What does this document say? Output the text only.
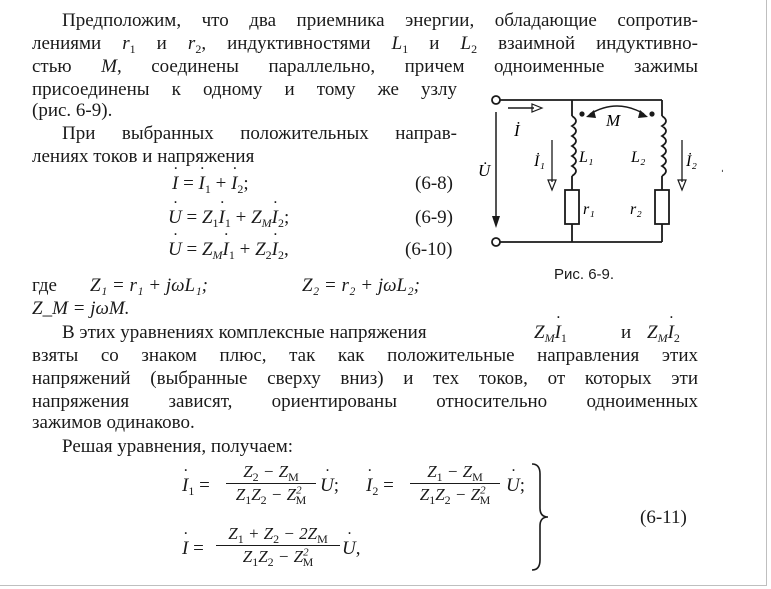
Предположим, что два приемника энергии, обладающие сопротив-
лениями $r_1$ и $r_2$, индуктивностями $L_1$ и $L_2$ взаимной индуктивно-
стью M, соединены параллельно, причем одноименные зажимы
присоединены к одному и тому же узлу
(рис. 6-9).
При выбранных положительных направ-
лениях токов и напряжения
˙ I = ˙ $I_1$ + ˙ $I_2$;	(6-8)
˙ $U = Z_1˙$ $I_1$ + $Z_M˙$ $I_2$;	(6-9)
˙ $U = Z_M˙$ $I_1$ + $Z_2˙$ $I_2$,	(6-10)
где Z₁ = r₁ + jωL₁;	Z₂ = r₂ + jωL₂;
Z_M = jωM.
В этих уравнениях комплексные напряжения	$Z_M˙$ $I_1$	и $Z_M˙$ $I_2$
взяты со знаком плюс, так как положительные направления этих
напряжений (выбранные сверху вниз) и тех токов, от которых эти
напряжения зависят, ориентированы относительно одноименных
зажимов одинаково.
Решая уравнения, получаем:
˙ $I_1$ =
$Z_2 - Z_M$
$Z_1Z_2 - Z^2_M$
˙ U;
˙ $I_2$ =
$Z_1 - Z_M$
$Z_1Z_2 - Z^2_M$
˙ U;
˙ I =
$Z_1 + Z_2 - 2Z_M$
$Z_1Z_2 - Z^2_M$
˙ U,
(6-11)
İ
U̇	İ₁ L₁ L₂	İ₂
M
r₁ r₂
ˌ
Рис. 6-9.
